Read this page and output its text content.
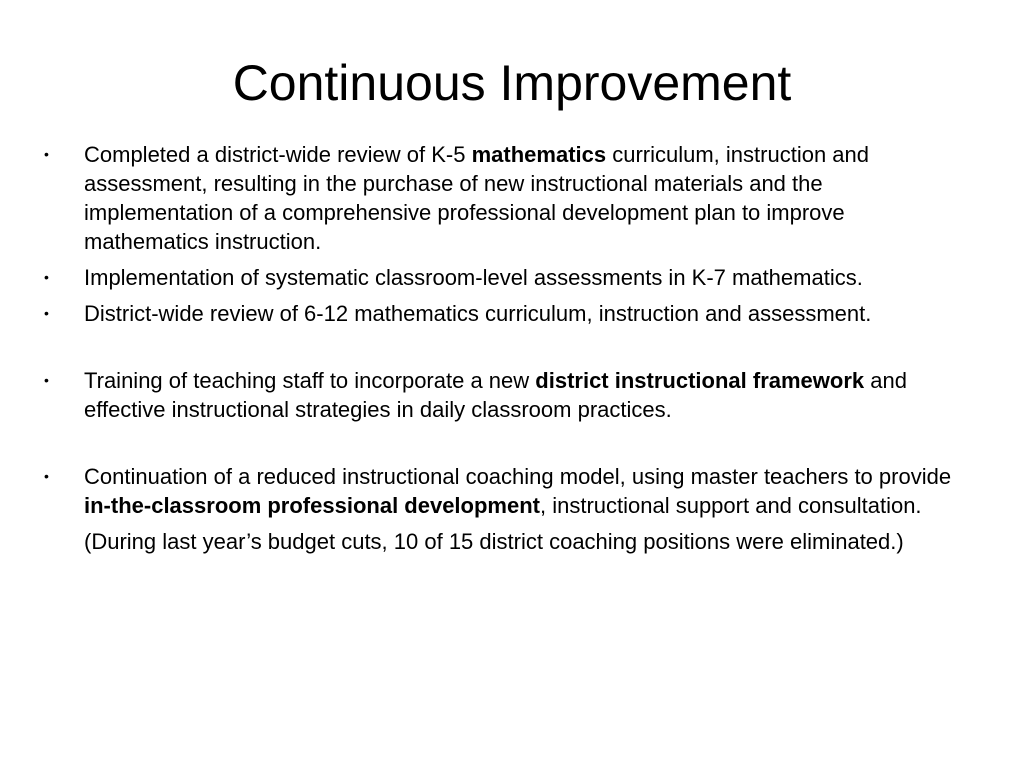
Continuous Improvement
•	Completed a district-wide review of K-5 mathematics curriculum, instruction and assessment, resulting in the purchase of new instructional materials and the implementation of a comprehensive professional development plan to improve mathematics instruction.
•	Implementation of systematic classroom-level assessments in K-7 mathematics.
•	District-wide review of 6-12 mathematics curriculum, instruction and assessment.
•	Training of teaching staff to incorporate a new district instructional framework and effective instructional strategies in daily classroom practices.
•	Continuation of a reduced instructional coaching model, using master teachers to provide in-the-classroom professional development, instructional support and consultation.
(During last year’s budget cuts, 10 of 15 district coaching positions were eliminated.)
